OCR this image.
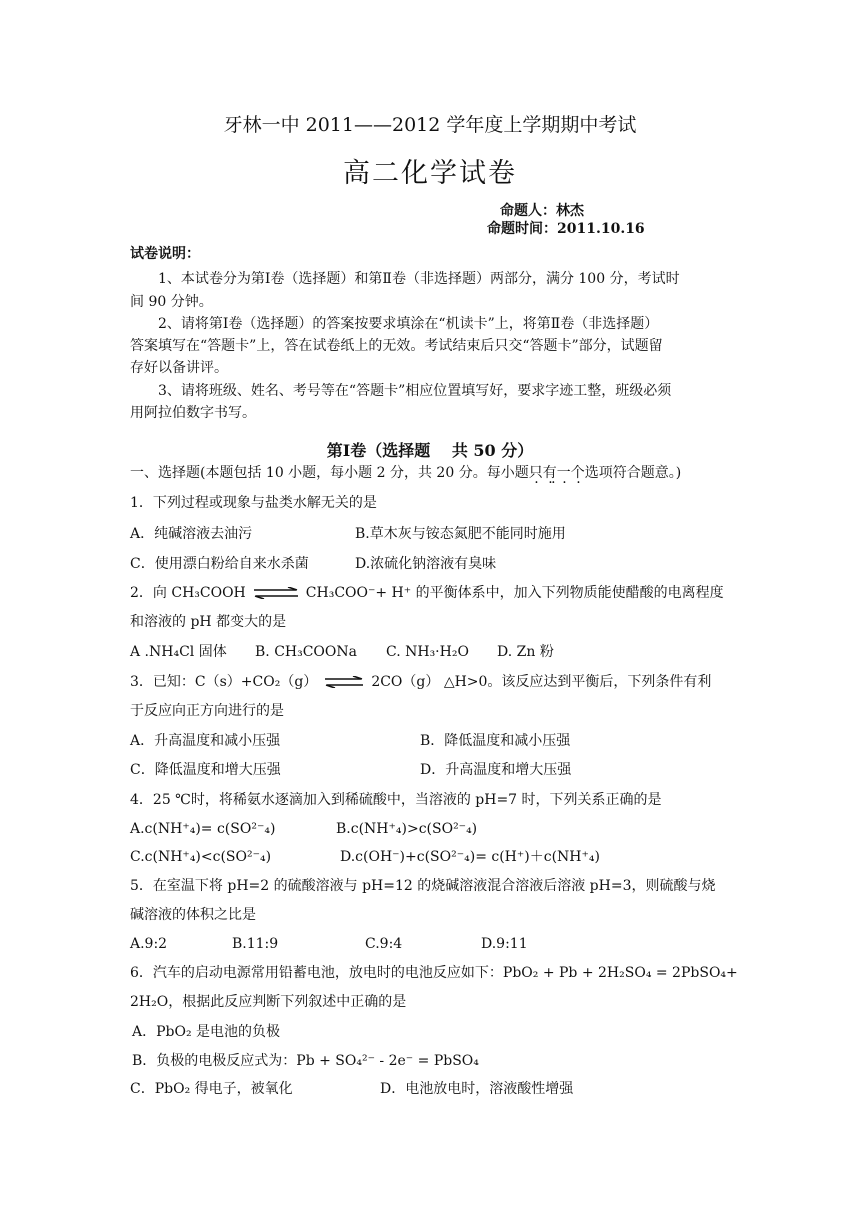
牙林一中 2011——2012 学年度上学期期中考试
高二化学试卷
命题人：林杰
命题时间：2011.10.16
试卷说明：
1、本试卷分为第Ⅰ卷（选择题）和第Ⅱ卷（非选择题）两部分，满分 100 分，考试时
间 90 分钟。
2、请将第Ⅰ卷（选择题）的答案按要求填涂在“机读卡”上，将第Ⅱ卷（非选择题）
答案填写在“答题卡”上，答在试卷纸上的无效。考试结束后只交“答题卡”部分，试题留
存好以备讲评。
3、请将班级、姓名、考号等在“答题卡”相应位置填写好，要求字迹工整，班级必须
用阿拉伯数字书写。
第Ⅰ卷（选择题　 共 50 分）
一、选择题(本题包括 10 小题，每小题 2 分，共 20 分。每小题只有一个选项符合题意。)
1．下列过程或现象与盐类水解无关的是
A．纯碱溶液去油污	B.草木灰与铵态氮肥不能同时施用
C．使用漂白粉给自来水杀菌	D.浓硫化钠溶液有臭味
2．向 CH₃COOH ⇌ CH₃COO⁻+ H⁺ 的平衡体系中，加入下列物质能使醋酸的电离程度
和溶液的 pH 都变大的是
A .NH₄Cl 固体 B. CH₃COONa C. NH₃·H₂O D. Zn 粉
3．已知：C（s）+CO₂（g） ⇌ 2CO（g） △H>0。该反应达到平衡后，下列条件有利
于反应向正方向进行的是
A．升高温度和减小压强	B．降低温度和减小压强
C．降低温度和增大压强	D．升高温度和增大压强
4．25 ℃时，将稀氨水逐滴加入到稀硫酸中，当溶液的 pH=7 时，下列关系正确的是
A.c(NH⁺₄)= c(SO²⁻₄)	B.c(NH⁺₄)>c(SO²⁻₄)
C.c(NH⁺₄)<c(SO²⁻₄)	D.c(OH⁻)+c(SO²⁻₄)= c(H⁺)＋c(NH⁺₄)
5．在室温下将 pH=2 的硫酸溶液与 pH=12 的烧碱溶液混合溶液后溶液 pH=3，则硫酸与烧
碱溶液的体积之比是
A.9:2	B.11:9	C.9:4	D.9:11
6．汽车的启动电源常用铅蓄电池，放电时的电池反应如下：PbO₂ + Pb + 2H₂SO₄ = 2PbSO₄+
2H₂O，根据此反应判断下列叙述中正确的是
A．PbO₂ 是电池的负极
B．负极的电极反应式为：Pb + SO₄²⁻ - 2e⁻ = PbSO₄
C．PbO₂ 得电子，被氧化	D．电池放电时，溶液酸性增强
